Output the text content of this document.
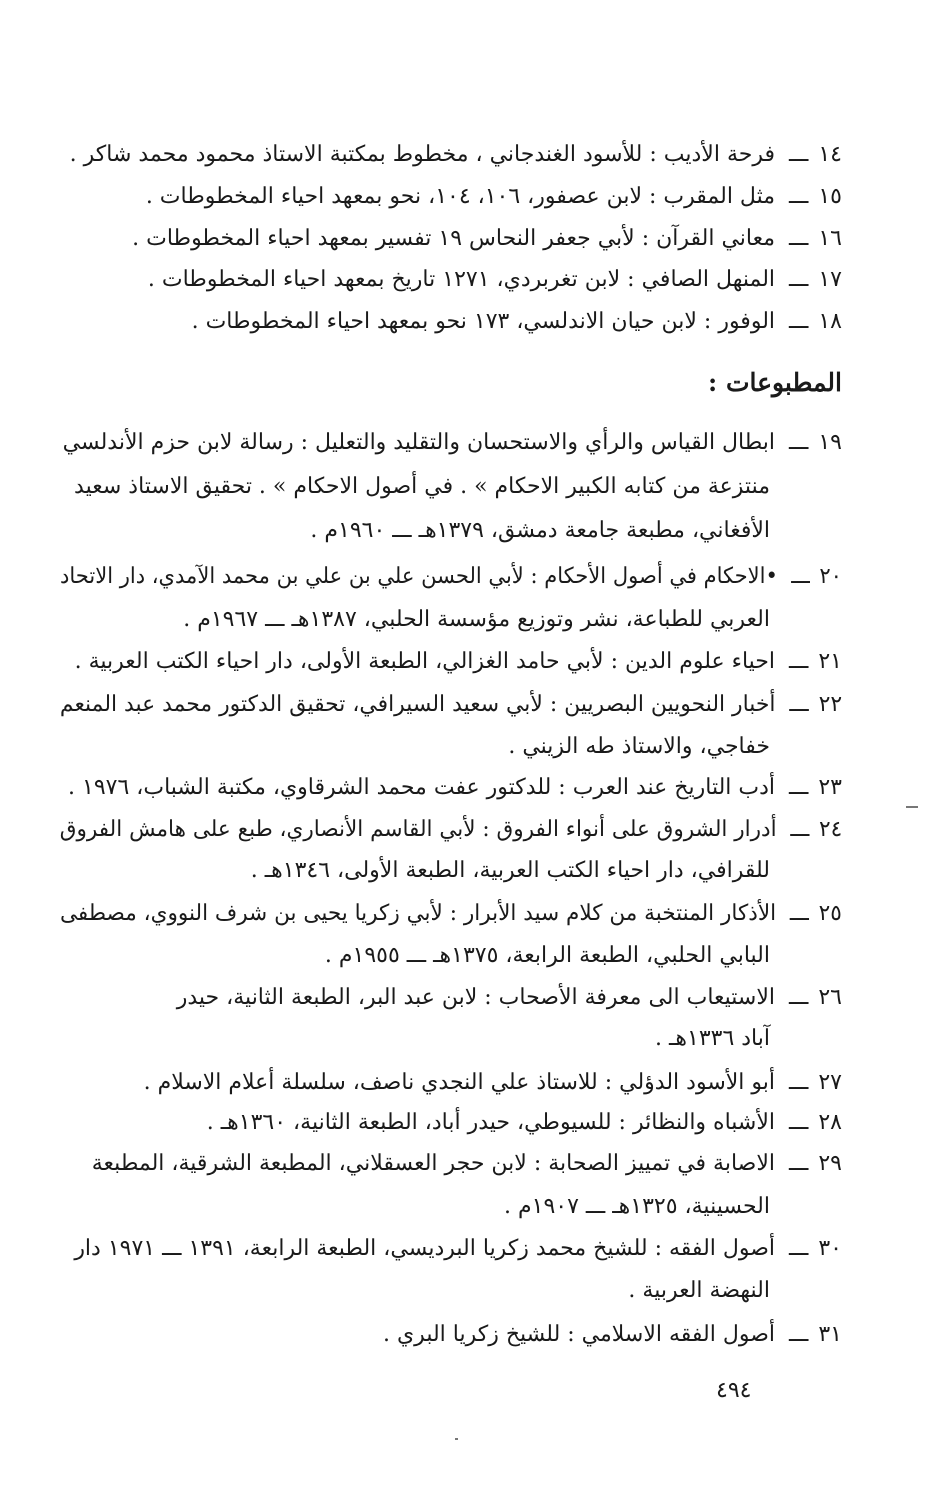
١٤ـــفرحة الأديب : للأسود الغندجاني ، مخطوط بمكتبة الاستاذ محمود محمد شاكر .
١٥ـــمثل المقرب : لابن عصفور، ١٠٦، ١٠٤، نحو بمعهد احياء المخطوطات .
١٦ـــمعاني القرآن : لأبي جعفر النحاس ١٩ تفسير بمعهد احياء المخطوطات .
١٧ـــالمنهل الصافي : لابن تغربردي، ١٢٧١ تاريخ بمعهد احياء المخطوطات .
١٨ـــالوفور : لابن حيان الاندلسي، ١٧٣ نحو بمعهد احياء المخطوطات .
المطبوعات :
١٩ـــابطال القياس والرأي والاستحسان والتقليد والتعليل : رسالة لابن حزم الأندلسي
منتزعة من كتابه الكبير الاحكام » . في أصول الاحكام » . تحقيق الاستاذ سعيد
الأفغاني، مطبعة جامعة دمشق، ١٣٧٩هـ ـــ ١٩٦٠م .
٢٠ـــ•الاحكام في أصول الأحكام : لأبي الحسن علي بن علي بن محمد الآمدي، دار الاتحاد
العربي للطباعة، نشر وتوزيع مؤسسة الحلبي، ١٣٨٧هـ ـــ ١٩٦٧م .
٢١ـــاحياء علوم الدين : لأبي حامد الغزالي، الطبعة الأولى، دار احياء الكتب العربية .
٢٢ـــأخبار النحويين البصريين : لأبي سعيد السيرافي، تحقيق الدكتور محمد عبد المنعم
خفاجي، والاستاذ طه الزيني .
٢٣ـــأدب التاريخ عند العرب : للدكتور عفت محمد الشرقاوي، مكتبة الشباب، ١٩٧٦ .
٢٤ـــأدرار الشروق على أنواء الفروق : لأبي القاسم الأنصاري، طبع على هامش الفروق
للقرافي، دار احياء الكتب العربية، الطبعة الأولى، ١٣٤٦هـ .
٢٥ـــالأذكار المنتخبة من كلام سيد الأبرار : لأبي زكريا يحيى بن شرف النووي، مصطفى
البابي الحلبي، الطبعة الرابعة، ١٣٧٥هـ ـــ ١٩٥٥م .
٢٦ـــالاستيعاب الى معرفة الأصحاب : لابن عبد البر، الطبعة الثانية، حيدر
آباد ١٣٣٦هـ .
٢٧ـــأبو الأسود الدؤلي : للاستاذ علي النجدي ناصف، سلسلة أعلام الاسلام .
٢٨ـــالأشباه والنظائر : للسيوطي، حيدر أباد، الطبعة الثانية، ١٣٦٠هـ .
٢٩ـــالاصابة في تمييز الصحابة : لابن حجر العسقلاني، المطبعة الشرقية، المطبعة
الحسينية، ١٣٢٥هـ ـــ ١٩٠٧م .
٣٠ـــأصول الفقه : للشيخ محمد زكريا البرديسي، الطبعة الرابعة، ١٣٩١ ـــ ١٩٧١ دار
النهضة العربية .
٣١ـــأصول الفقه الاسلامي : للشيخ زكريا البري .
٤٩٤
